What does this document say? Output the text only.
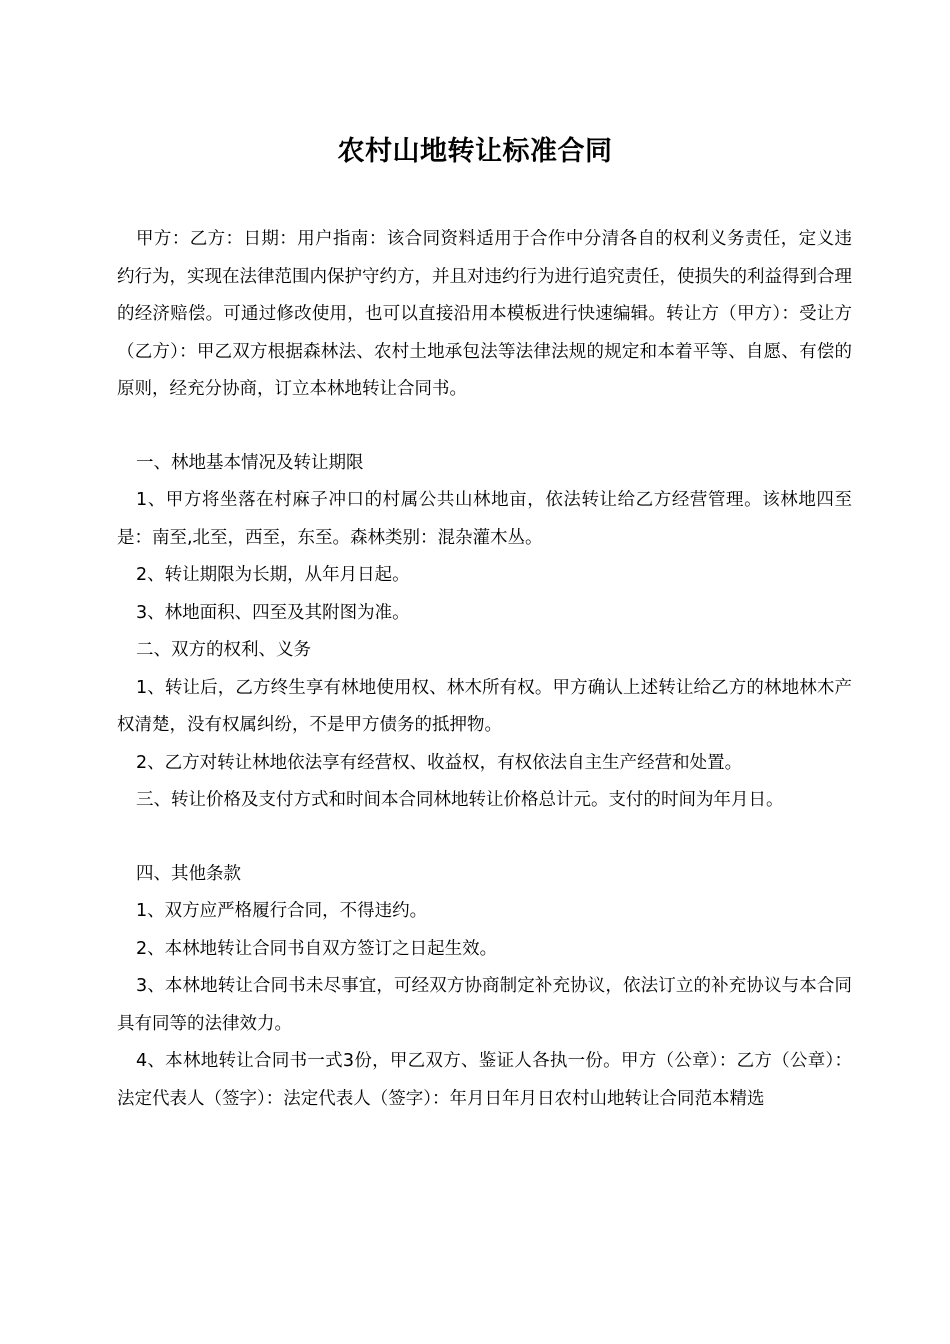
农村山地转让标准合同

甲方：乙方：日期：用户指南：该合同资料适用于合作中分清各自的权利义务责任，定义违约行为，实现在法律范围内保护守约方，并且对违约行为进行追究责任，使损失的利益得到合理的经济赔偿。可通过修改使用，也可以直接沿用本模板进行快速编辑。转让方（甲方）：受让方（乙方）：甲乙双方根据森林法、农村土地承包法等法律法规的规定和本着平等、自愿、有偿的原则，经充分协商，订立本林地转让合同书。

一、林地基本情况及转让期限

1、甲方将坐落在村麻子冲口的村属公共山林地亩，依法转让给乙方经营管理。该林地四至是：南至,北至，西至，东至。森林类别：混杂灌木丛。

2、转让期限为长期，从年月日起。

3、林地面积、四至及其附图为准。

二、双方的权利、义务

1、转让后，乙方终生享有林地使用权、林木所有权。甲方确认上述转让给乙方的林地林木产权清楚，没有权属纠纷，不是甲方债务的抵押物。

2、乙方对转让林地依法享有经营权、收益权，有权依法自主生产经营和处置。

三、转让价格及支付方式和时间本合同林地转让价格总计元。支付的时间为年月日。

四、其他条款

1、双方应严格履行合同，不得违约。

2、本林地转让合同书自双方签订之日起生效。

3、本林地转让合同书未尽事宜，可经双方协商制定补充协议，依法订立的补充协议与本合同具有同等的法律效力。

4、本林地转让合同书一式3份，甲乙双方、鉴证人各执一份。甲方（公章）：乙方（公章）：法定代表人（签字）：法定代表人（签字）：年月日年月日农村山地转让合同范本精选
